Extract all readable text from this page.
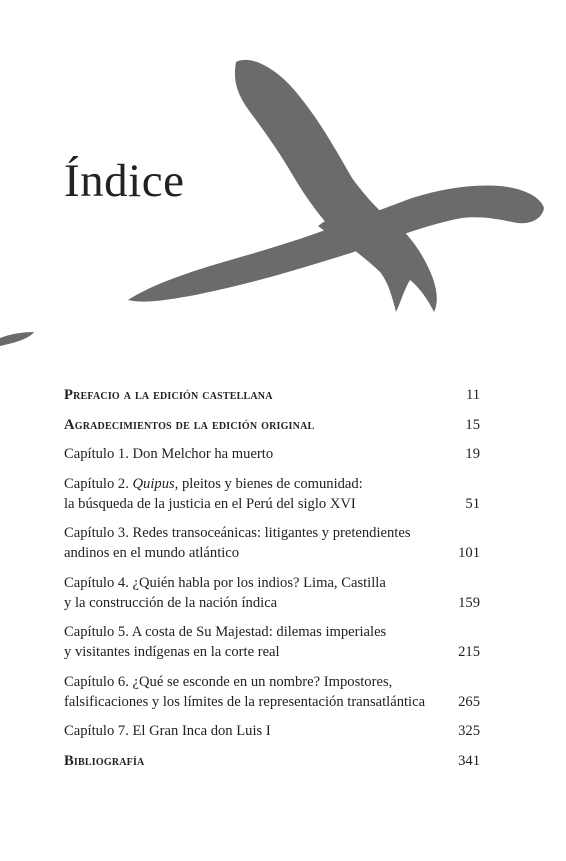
Índice
Prefacio a la edición castellana	11
Agradecimientos de la edición original	15
Capítulo 1. Don Melchor ha muerto	19
Capítulo 2. Quipus, pleitos y bienes de comunidad:
la búsqueda de la justicia en el Perú del siglo XVI	51
Capítulo 3. Redes transoceánicas: litigantes y pretendientes
andinos en el mundo atlántico	101
Capítulo 4. ¿Quién habla por los indios? Lima, Castilla
y la construcción de la nación índica	159
Capítulo 5. A costa de Su Majestad: dilemas imperiales
y visitantes indígenas en la corte real	215
Capítulo 6. ¿Qué se esconde en un nombre? Impostores,
falsificaciones y los límites de la representación transatlántica	265
Capítulo 7. El Gran Inca don Luis I	325
Bibliografía	341
